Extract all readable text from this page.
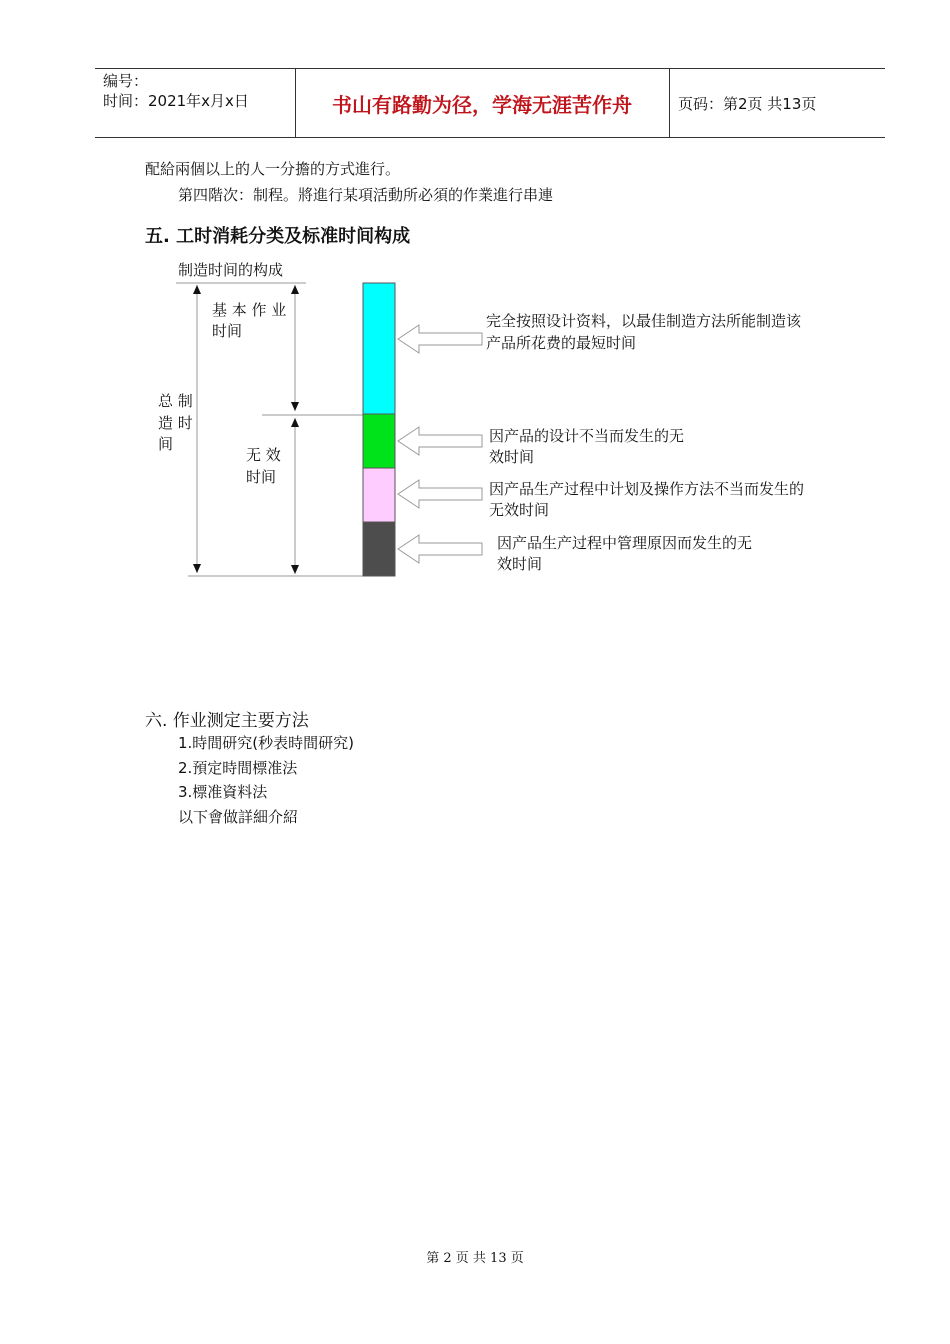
编号：
时间：2021年x月x日	书山有路勤为径，学海无涯苦作舟	页码：第2页 共13页
配給兩個以上的人一分擔的方式進行。
第四階次：制程。將進行某項活動所必須的作業進行串連
五. 工时消耗分类及标准时间构成
制造时间的构成
总 制
造 时
间
基 本 作 业
时间
无 效
时间
完全按照设计资料，以最佳制造方法所能制造该
产品所花费的最短时间
因产品的设计不当而发生的无
效时间
因产品生产过程中计划及操作方法不当而发生的
无效时间
因产品生产过程中管理原因而发生的无
效时间
六. 作业测定主要方法
1.時間研究(秒表時間研究)
2.預定時間標准法
3.標准資料法
以下會做詳細介紹
第 2 页 共 13 页
